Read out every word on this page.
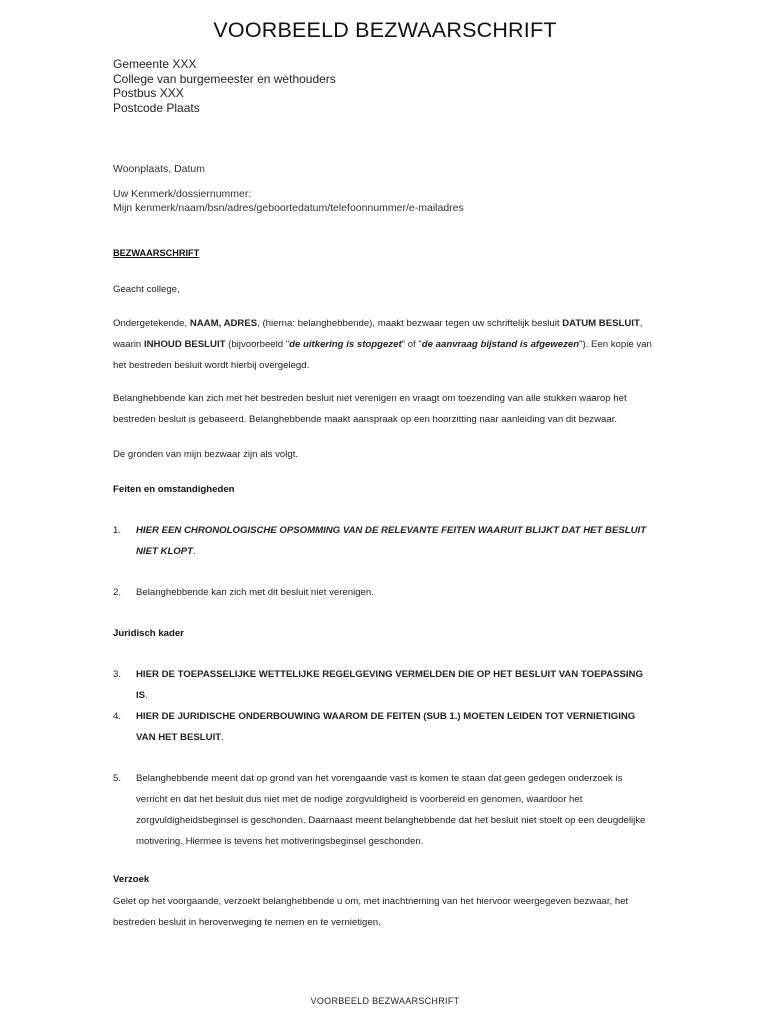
VOORBEELD BEZWAARSCHRIFT
Gemeente XXX
College van burgemeester en wethouders
Postbus XXX
Postcode Plaats
Woonplaats, Datum
Uw Kenmerk/dossiernummer:
Mijn kenmerk/naam/bsn/adres/geboortedatum/telefoonnummer/e-mailadres
BEZWAARSCHRIFT
Geacht college,
Ondergetekende, NAAM, ADRES, (hierna: belanghebbende), maakt bezwaar tegen uw schriftelijk besluit DATUM BESLUIT, waarin INHOUD BESLUIT (bijvoorbeeld "de uitkering is stopgezet" of "de aanvraag bijstand is afgewezen"). Een kopie van het bestreden besluit wordt hierbij overgelegd.
Belanghebbende kan zich met het bestreden besluit niet verenigen en vraagt om toezending van alle stukken waarop het bestreden besluit is gebaseerd. Belanghebbende maakt aanspraak op een hoorzitting naar aanleiding van dit bezwaar.
De gronden van mijn bezwaar zijn als volgt.
Feiten en omstandigheden
1. HIER EEN CHRONOLOGISCHE OPSOMMING VAN DE RELEVANTE FEITEN WAARUIT BLIJKT DAT HET BESLUIT NIET KLOPT.
2. Belanghebbende kan zich met dit besluit niet verenigen.
Juridisch kader
3. HIER DE TOEPASSELIJKE WETTELIJKE REGELGEVING VERMELDEN DIE OP HET BESLUIT VAN TOEPASSING IS.
4. HIER DE JURIDISCHE ONDERBOUWING WAAROM DE FEITEN (SUB 1.) MOETEN LEIDEN TOT VERNIETIGING VAN HET BESLUIT.
5. Belanghebbende meent dat op grond van het vorengaande vast is komen te staan dat geen gedegen onderzoek is verricht en dat het besluit dus niet met de nodige zorgvuldigheid is voorbereid en genomen, waardoor het zorgvuldigheidsbeginsel is geschonden. Daarnaast meent belanghebbende dat het besluit niet stoelt op een deugdelijke motivering. Hiermee is tevens het motiveringsbeginsel geschonden.
Verzoek
Gelet op het voorgaande, verzoekt belanghebbende u om, met inachtneming van het hiervoor weergegeven bezwaar, het bestreden besluit in heroverweging te nemen en te vernietigen.
VOORBEELD BEZWAARSCHRIFT
